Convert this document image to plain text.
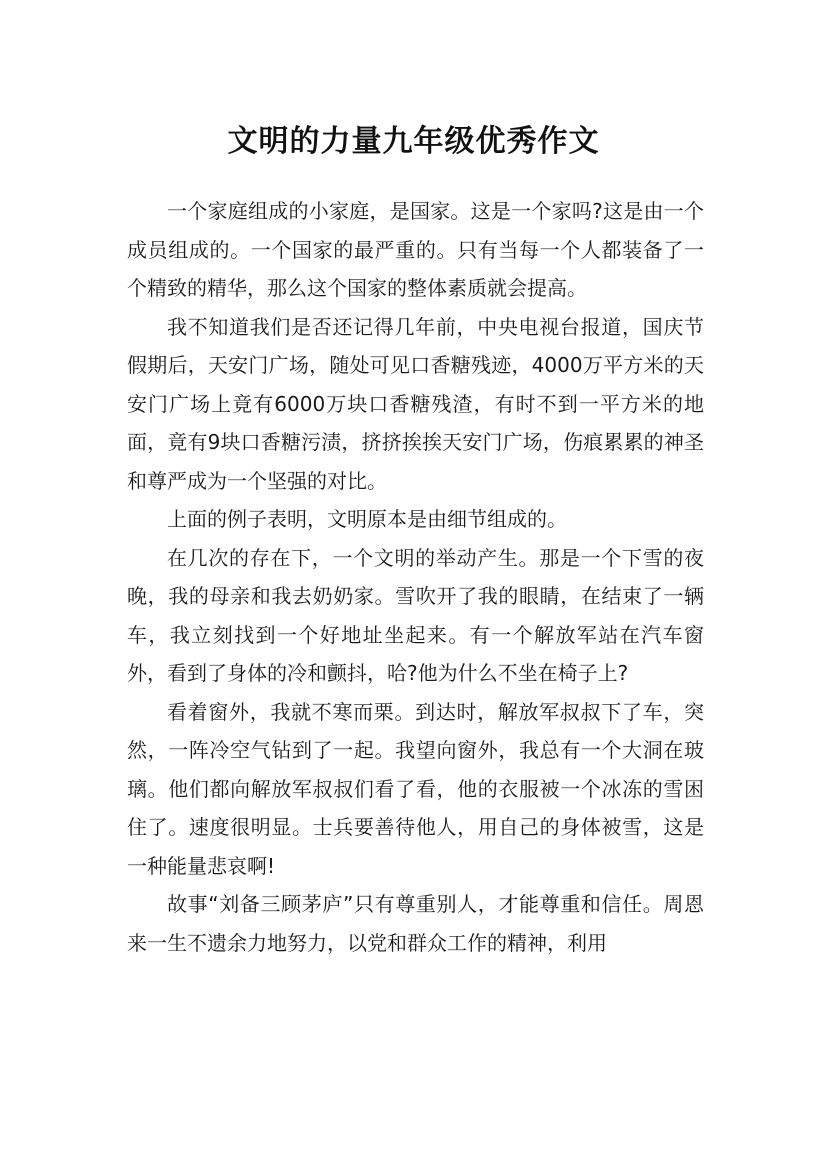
文明的力量九年级优秀作文

一个家庭组成的小家庭，是国家。这是一个家吗?这是由一个成员组成的。一个国家的最严重的。只有当每一个人都装备了一个精致的精华，那么这个国家的整体素质就会提高。

我不知道我们是否还记得几年前，中央电视台报道，国庆节假期后，天安门广场，随处可见口香糖残迹，4000万平方米的天安门广场上竟有6000万块口香糖残渣，有时不到一平方米的地面，竟有9块口香糖污渍，挤挤挨挨天安门广场，伤痕累累的神圣和尊严成为一个坚强的对比。

上面的例子表明，文明原本是由细节组成的。

在几次的存在下，一个文明的举动产生。那是一个下雪的夜晚，我的母亲和我去奶奶家。雪吹开了我的眼睛，在结束了一辆车，我立刻找到一个好地址坐起来。有一个解放军站在汽车窗外，看到了身体的冷和颤抖，哈?他为什么不坐在椅子上?

看着窗外，我就不寒而栗。到达时，解放军叔叔下了车，突然，一阵冷空气钻到了一起。我望向窗外，我总有一个大洞在玻璃。他们都向解放军叔叔们看了看，他的衣服被一个冰冻的雪困住了。速度很明显。士兵要善待他人，用自己的身体被雪，这是一种能量悲哀啊!

故事“刘备三顾茅庐”只有尊重别人，才能尊重和信任。周恩来一生不遗余力地努力，以党和群众工作的精神，利用
